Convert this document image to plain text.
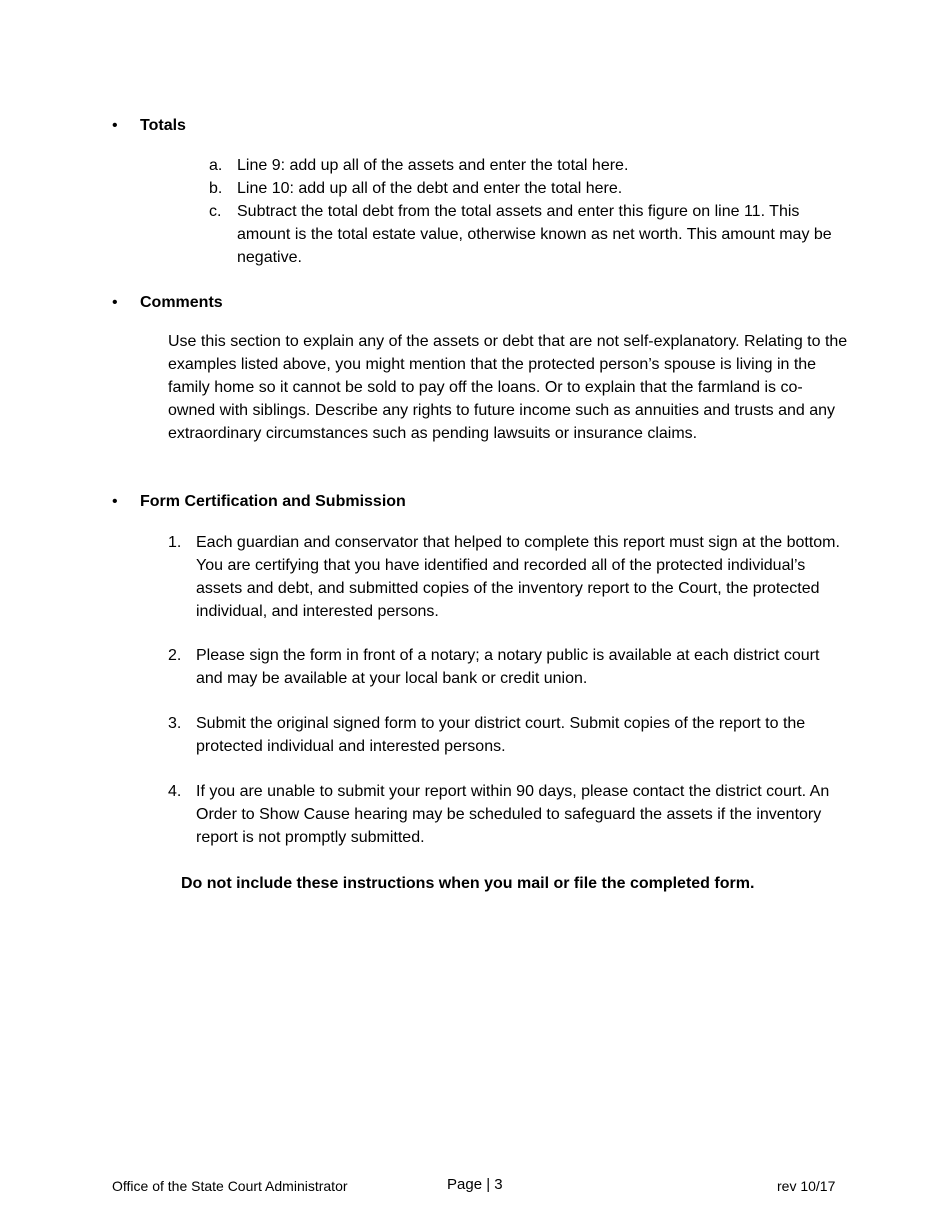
• Totals
a. Line 9: add up all of the assets and enter the total here.
b. Line 10: add up all of the debt and enter the total here.
c. Subtract the total debt from the total assets and enter this figure on line 11. This amount is the total estate value, otherwise known as net worth. This amount may be negative.
• Comments
Use this section to explain any of the assets or debt that are not self-explanatory. Relating to the examples listed above, you might mention that the protected person’s spouse is living in the family home so it cannot be sold to pay off the loans. Or to explain that the farmland is co-owned with siblings. Describe any rights to future income such as annuities and trusts and any extraordinary circumstances such as pending lawsuits or insurance claims.
• Form Certification and Submission
1. Each guardian and conservator that helped to complete this report must sign at the bottom. You are certifying that you have identified and recorded all of the protected individual’s assets and debt, and submitted copies of the inventory report to the Court, the protected individual, and interested persons.
2. Please sign the form in front of a notary; a notary public is available at each district court and may be available at your local bank or credit union.
3. Submit the original signed form to your district court. Submit copies of the report to the protected individual and interested persons.
4. If you are unable to submit your report within 90 days, please contact the district court. An Order to Show Cause hearing may be scheduled to safeguard the assets if the inventory report is not promptly submitted.
Do not include these instructions when you mail or file the completed form.
Office of the State Court Administrator	Page | 3	rev 10/17
